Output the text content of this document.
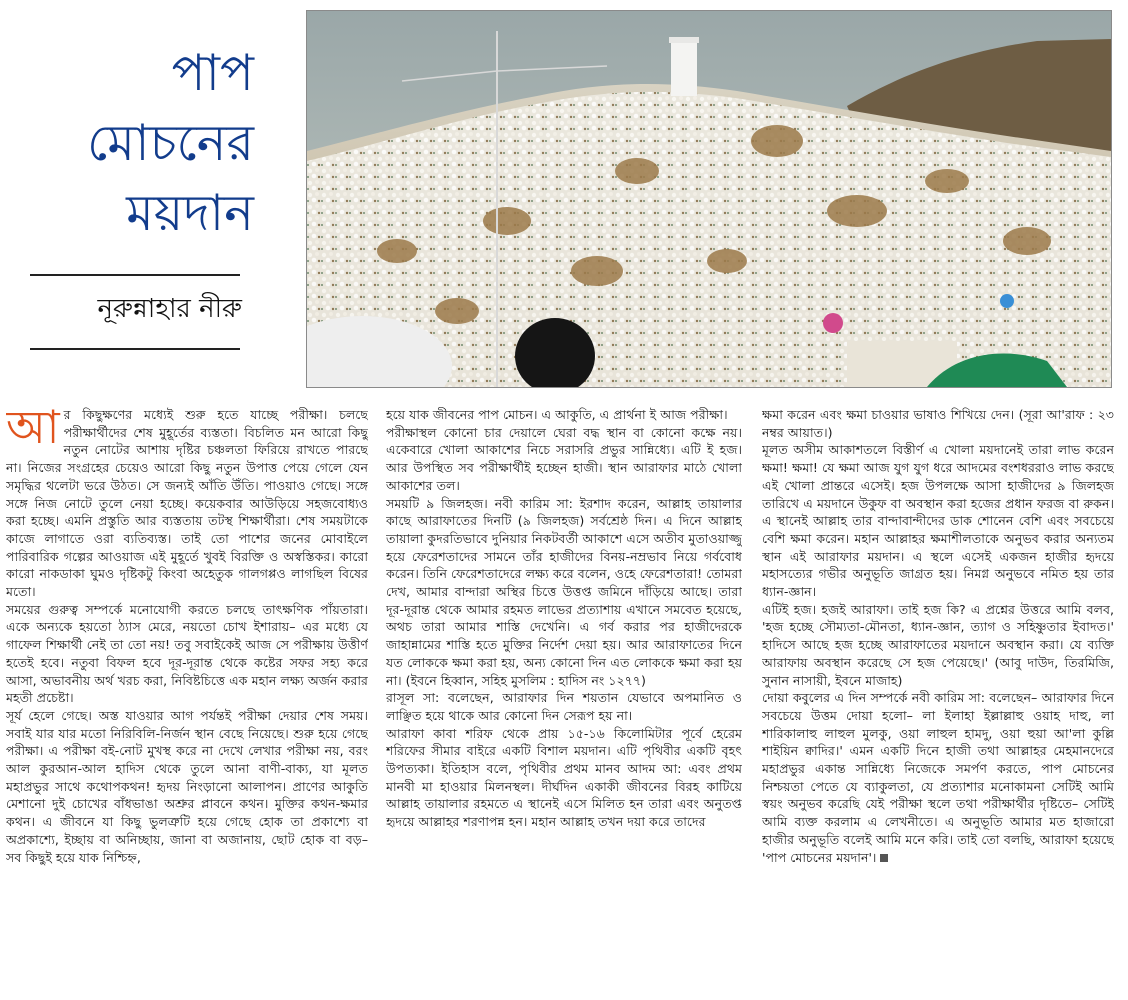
পাপ
মোচনের
ময়দান
নূরুন্নাহার নীরু

আ র কিছুক্ষণের মধ্যেই শুরু হতে যাচ্ছে পরীক্ষা। চলছে পরীক্ষার্থীদের শেষ মুহূর্তের ব্যস্ততা। বিচলিত মন আরো কিছু নতুন নোটের আশায় দৃষ্টির চঞ্চলতা ফিরিয়ে রাখতে পারছে না। নিজের সংগ্রহের চেয়েও আরো কিছু নতুন উপাত্ত পেয়ে গেলে যেন সমৃদ্ধির থলেটা ভরে উঠত। সে জন্যই আঁতি উঁতি। পাওয়াও গেছে। সঙ্গে সঙ্গে নিজ নোটে তুলে নেয়া হচ্ছে। কয়েকবার আউড়িয়ে সহজবোধ্যও করা হচ্ছে। এমনি প্রস্তুতি আর ব্যস্ততায় তটস্থ শিক্ষার্থীরা। শেষ সময়টাকে কাজে লাগাতে ওরা ব্যতিব্যস্ত। তাই তো পাশের জনের মোবাইলে পারিবারিক গল্পের আওয়াজ এই মুহূর্তে খুবই বিরক্তি ও অস্বস্তিকর। কারো কারো নাকডাকা ঘুমও দৃষ্টিকটু কিংবা অহেতুক গালগপ্পও লাগছিল বিষের মতো।

সময়ের গুরুত্ব সম্পর্কে মনোযোগী করতে চলছে তাৎক্ষণিক পাঁয়তারা। একে অন্যকে হয়তো ঠ্যাস মেরে, নয়তো চোখ ইশারায়– এর মধ্যে যে গাফেল শিক্ষার্থী নেই তা তো নয়! তবু সবাইকেই আজ সে পরীক্ষায় উত্তীর্ণ হতেই হবে। নতুবা বিফল হবে দূর-দূরান্ত থেকে কষ্টের সফর সহ্য করে আসা, অভাবনীয় অর্থ খরচ করা, নিবিষ্টচিত্তে এক মহান লক্ষ্য অর্জন করার মহতী প্রচেষ্টা।

সূর্য হেলে গেছে। অস্ত যাওয়ার আগ পর্যন্তই পরীক্ষা দেয়ার শেষ সময়। সবাই যার যার মতো নিরিবিলি-নির্জন স্থান বেছে নিয়েছে। শুরু হয়ে গেছে পরীক্ষা। এ পরীক্ষা বই-নোট মুখস্থ করে না দেখে লেখার পরীক্ষা নয়, বরং আল কুরআন-আল হাদিস থেকে তুলে আনা বাণী-বাক্য, যা মূলত মহাপ্রভুর সাথে কথোপকথন! হৃদয় নিংড়ানো আলাপন। প্রাণের আকুতি মেশানো দুই চোখের বাঁধভাঙা অশ্রুর প্লাবনে কথন। মুক্তির কথন-ক্ষমার কথন। এ জীবনে যা কিছু ভুলত্রুটি হয়ে গেছে হোক তা প্রকাশ্যে বা অপ্রকাশ্যে, ইচ্ছায় বা অনিচ্ছায়, জানা বা অজানায়, ছোট হোক বা বড়– সব কিছুই হয়ে যাক নিশ্চিহ্ন,

হয়ে যাক জীবনের পাপ মোচন। এ আকুতি, এ প্রার্থনা ই আজ পরীক্ষা।

পরীক্ষাস্থল কোনো চার দেয়ালে ঘেরা বদ্ধ স্থান বা কোনো কক্ষে নয়। একেবারে খোলা আকাশের নিচে সরাসরি প্রভুর সান্নিধ্যে। এটি ই হজ। আর উপস্থিত সব পরীক্ষার্থীই হচ্ছেন হাজী। স্থান আরাফার মাঠে খোলা আকাশের তল।

সময়টি ৯ জিলহজ। নবী কারিম সা: ইরশাদ করেন, আল্লাহ তায়ালার কাছে আরাফাতের দিনটি (৯ জিলহজ) সর্বশ্রেষ্ঠ দিন। এ দিনে আল্লাহ তায়ালা কুদরতিভাবে দুনিয়ার নিকটবর্তী আকাশে এসে অতীব মুতাওয়াজ্জু হয়ে ফেরেশতাদের সামনে তাঁর হাজীদের বিনয়-নম্রভাব নিয়ে গর্ববোধ করেন। তিনি ফেরেশতাদেরে লক্ষ্য করে বলেন, ওহে ফেরেশতারা! তোমরা দেখ, আমার বান্দারা অস্থির চিত্তে উত্তপ্ত জমিনে দাঁড়িয়ে আছে। তারা দূর-দূরান্ত থেকে আমার রহমত লাভের প্রত্যাশায় এখানে সমবেত হয়েছে, অথচ তারা আমার শাস্তি দেখেনি। এ গর্ব করার পর হাজীদেরকে জাহান্নামের শাস্তি হতে মুক্তির নির্দেশ দেয়া হয়। আর আরাফাতের দিনে যত লোককে ক্ষমা করা হয়, অন্য কোনো দিন এত লোককে ক্ষমা করা হয় না। (ইবনে হিব্বান, সহিহ মুসলিম : হাদিস নং ১২৭৭)

রাসূল সা: বলেছেন, আরাফার দিন শয়তান যেভাবে অপমানিত ও লাঞ্ছিত হয়ে থাকে আর কোনো দিন সেরূপ হয় না।

আরাফা কাবা শরিফ থেকে প্রায় ১৫-১৬ কিলোমিটার পূর্বে হেরেম শরিফের সীমার বাইরে একটি বিশাল ময়দান। এটি পৃথিবীর একটি বৃহৎ উপত্যকা। ইতিহাস বলে, পৃথিবীর প্রথম মানব আদম আ: এবং প্রথম মানবী মা হাওয়ার মিলনস্থল। দীর্ঘদিন একাকী জীবনের বিরহ কাটিয়ে আল্লাহ তায়ালার রহমতে এ স্থানেই এসে মিলিত হন তারা এবং অনুতপ্ত হৃদয়ে আল্লাহর শরণাপন্ন হন। মহান আল্লাহ তখন দয়া করে তাদের

ক্ষমা করেন এবং ক্ষমা চাওয়ার ভাষাও শিখিয়ে দেন। (সূরা আ'রাফ : ২৩ নম্বর আয়াত।)

মূলত অসীম আকাশতলে বিস্তীর্ণ এ খোলা ময়দানেই তারা লাভ করেন ক্ষমা! ক্ষমা! যে ক্ষমা আজ যুগ যুগ ধরে আদমের বংশধররাও লাভ করছে এই খোলা প্রান্তরে এসেই। হজ উপলক্ষে আসা হাজীদের ৯ জিলহজ তারিখে এ ময়দানে উকুফ বা অবস্থান করা হজের প্রধান ফরজ বা রুকন। এ স্থানেই আল্লাহ তার বান্দাবান্দীদের ডাক শোনেন বেশি এবং সবচেয়ে বেশি ক্ষমা করেন। মহান আল্লাহর ক্ষমাশীলতাকে অনুভব করার অন্যতম স্থান এই আরাফার ময়দান। এ স্থলে এসেই একজন হাজীর হৃদয়ে মহাসত্যের গভীর অনুভূতি জাগ্রত হয়। নিমগ্ন অনুভবে নমিত হয় তার ধ্যান-জ্ঞান।

এটিই হজ। হজই আরাফা। তাই হজ কি? এ প্রশ্নের উত্তরে আমি বলব, 'হজ হচ্ছে সৌম্যতা-মৌনতা, ধ্যান-জ্ঞান, ত্যাগ ও সহিষ্ণুতার ইবাদত।' হাদিসে আছে হজ হচ্ছে আরাফাতের ময়দানে অবস্থান করা। যে ব্যক্তি আরাফায় অবস্থান করেছে সে হজ পেয়েছে।' (আবু দাউদ, তিরমিজি, সুনান নাসায়ী, ইবনে মাজাহ)

দোয়া কবুলের এ দিন সম্পর্কে নবী কারিম সা: বলেছেন– আরাফার দিনে সবচেয়ে উত্তম দোয়া হলো– লা ইলাহা ইল্লাল্লাহু ওয়াহ দাহু, লা শারিকালাহু লাহুল মুলকু, ওয়া লাহুল হামদু, ওয়া হুয়া আ'লা কুল্লি শাইয়িন ক্বাদির।' এমন একটি দিনে হাজী তথা আল্লাহর মেহমানদেরে মহাপ্রভুর একান্ত সান্নিধ্যে নিজেকে সমর্পণ করতে, পাপ মোচনের নিশ্চয়তা পেতে যে ব্যাকুলতা, যে প্রত্যাশার মনোকামনা সেটিই আমি স্বয়ং অনুভব করেছি যেই পরীক্ষা স্থলে তথা পরীক্ষার্থীর দৃষ্টিতে– সেটিই আমি ব্যক্ত করলাম এ লেখনীতে। এ অনুভূতি আমার মত হাজারো হাজীর অনুভূতি বলেই আমি মনে করি। তাই তো বলছি, আরাফা হয়েছে 'পাপ মোচনের ময়দান'।
